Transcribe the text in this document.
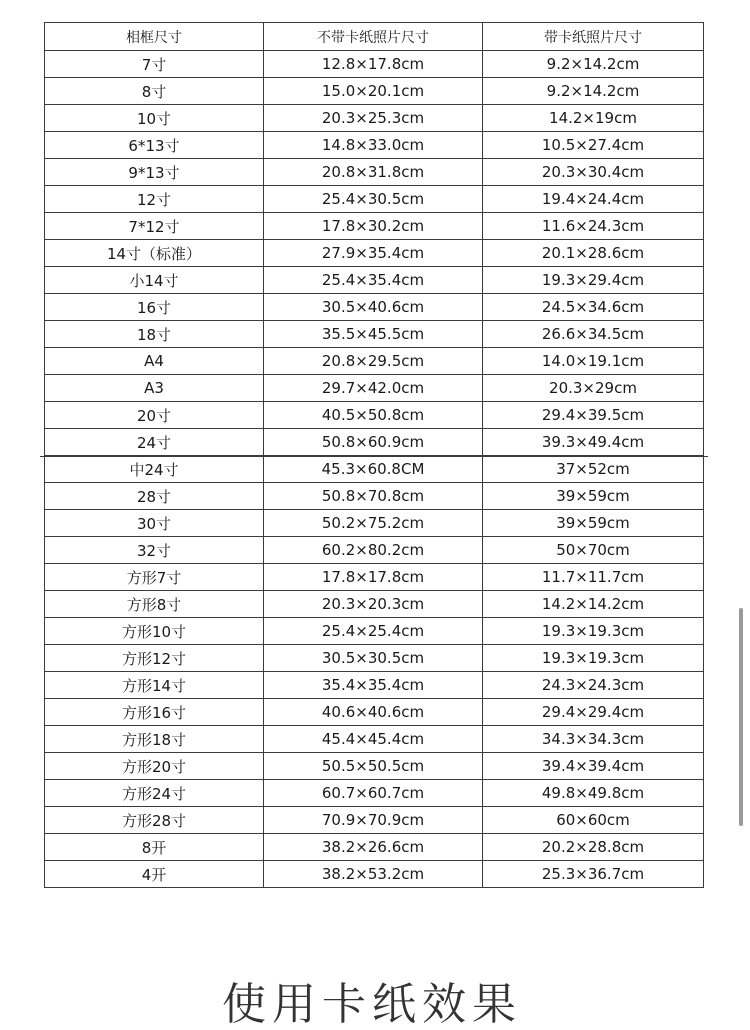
相框尺寸	不带卡纸照片尺寸	带卡纸照片尺寸
7寸	12.8×17.8cm	9.2×14.2cm
8寸	15.0×20.1cm	9.2×14.2cm
10寸	20.3×25.3cm	14.2×19cm
6*13寸	14.8×33.0cm	10.5×27.4cm
9*13寸	20.8×31.8cm	20.3×30.4cm
12寸	25.4×30.5cm	19.4×24.4cm
7*12寸	17.8×30.2cm	11.6×24.3cm
14寸（标准）	27.9×35.4cm	20.1×28.6cm
小14寸	25.4×35.4cm	19.3×29.4cm
16寸	30.5×40.6cm	24.5×34.6cm
18寸	35.5×45.5cm	26.6×34.5cm
A4	20.8×29.5cm	14.0×19.1cm
A3	29.7×42.0cm	20.3×29cm
20寸	40.5×50.8cm	29.4×39.5cm
24寸	50.8×60.9cm	39.3×49.4cm
中24寸	45.3×60.8CM	37×52cm
28寸	50.8×70.8cm	39×59cm
30寸	50.2×75.2cm	39×59cm
32寸	60.2×80.2cm	50×70cm
方形7寸	17.8×17.8cm	11.7×11.7cm
方形8寸	20.3×20.3cm	14.2×14.2cm
方形10寸	25.4×25.4cm	19.3×19.3cm
方形12寸	30.5×30.5cm	19.3×19.3cm
方形14寸	35.4×35.4cm	24.3×24.3cm
方形16寸	40.6×40.6cm	29.4×29.4cm
方形18寸	45.4×45.4cm	34.3×34.3cm
方形20寸	50.5×50.5cm	39.4×39.4cm
方形24寸	60.7×60.7cm	49.8×49.8cm
方形28寸	70.9×70.9cm	60×60cm
8开	38.2×26.6cm	20.2×28.8cm
4开	38.2×53.2cm	25.3×36.7cm
使用卡纸效果
